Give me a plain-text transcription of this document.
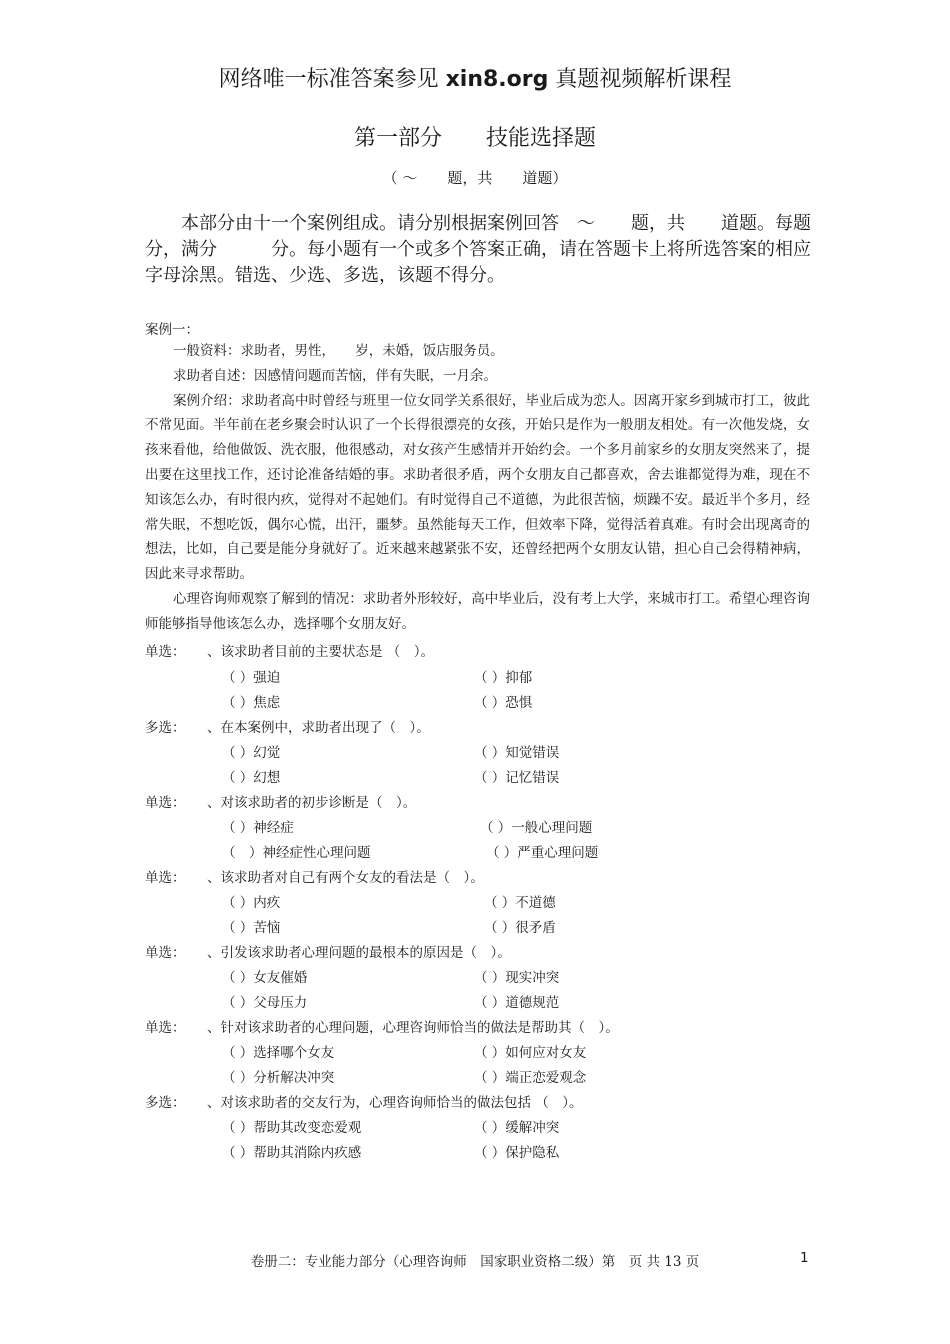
网络唯一标准答案参见 xin8.org 真题视频解析课程
第一部分　　技能选择题
（ ～　　题，共　　道题）

本部分由十一个案例组成。请分别根据案例回答　～　　题，共　　道题。每题　　分，满分　　　分。每小题有一个或多个答案正确，请在答题卡上将所选答案的相应字母涂黑。错选、少选、多选，该题不得分。

案例一：

一般资料：求助者，男性，　　岁，未婚，饭店服务员。

求助者自述：因感情问题而苦恼，伴有失眠，一月余。

案例介绍：求助者高中时曾经与班里一位女同学关系很好，毕业后成为恋人。因离开家乡到城市打工，彼此不常见面。半年前在老乡聚会时认识了一个长得很漂亮的女孩，开始只是作为一般朋友相处。有一次他发烧，女孩来看他，给他做饭、洗衣服，他很感动，对女孩产生感情并开始约会。一个多月前家乡的女朋友突然来了，提出要在这里找工作，还讨论准备结婚的事。求助者很矛盾，两个女朋友自己都喜欢，舍去谁都觉得为难，现在不知该怎么办，有时很内疚，觉得对不起她们。有时觉得自己不道德，为此很苦恼，烦躁不安。最近半个多月，经常失眠，不想吃饭，偶尔心慌，出汗，噩梦。虽然能每天工作，但效率下降，觉得活着真难。有时会出现离奇的想法，比如，自己要是能分身就好了。近来越来越紧张不安，还曾经把两个女朋友认错，担心自己会得精神病，因此来寻求帮助。

心理咨询师观察了解到的情况：求助者外形较好，高中毕业后，没有考上大学，来城市打工。希望心理咨询师能够指导他该怎么办，选择哪个女朋友好。

单选： 、该求助者目前的主要状态是 （　）。
（ ）强迫	（ ）抑郁
（ ）焦虑	（ ）恐惧
多选： 、在本案例中，求助者出现了（　）。
（ ）幻觉	（ ）知觉错误
（ ）幻想	（ ）记忆错误
单选： 、对该求助者的初步诊断是（　）。
（ ）神经症	（ ）一般心理问题
（　）神经症性心理问题	（ ）严重心理问题
单选： 、该求助者对自己有两个女友的看法是（　）。
（ ）内疚	（ ）不道德
（ ）苦恼	（ ）很矛盾
单选： 、引发该求助者心理问题的最根本的原因是（　）。
（ ）女友催婚	（ ）现实冲突
（ ）父母压力	（ ）道德规范
单选： 、针对该求助者的心理问题，心理咨询师恰当的做法是帮助其（　）。
（ ）选择哪个女友	（ ）如何应对女友
（ ）分析解决冲突	（ ）端正恋爱观念
多选： 、对该求助者的交友行为，心理咨询师恰当的做法包括 （　）。
（ ）帮助其改变恋爱观	（ ）缓解冲突
（ ）帮助其消除内疚感	（ ）保护隐私
卷册二：专业能力部分（心理咨询师　国家职业资格二级）第　页 共 13 页	1
